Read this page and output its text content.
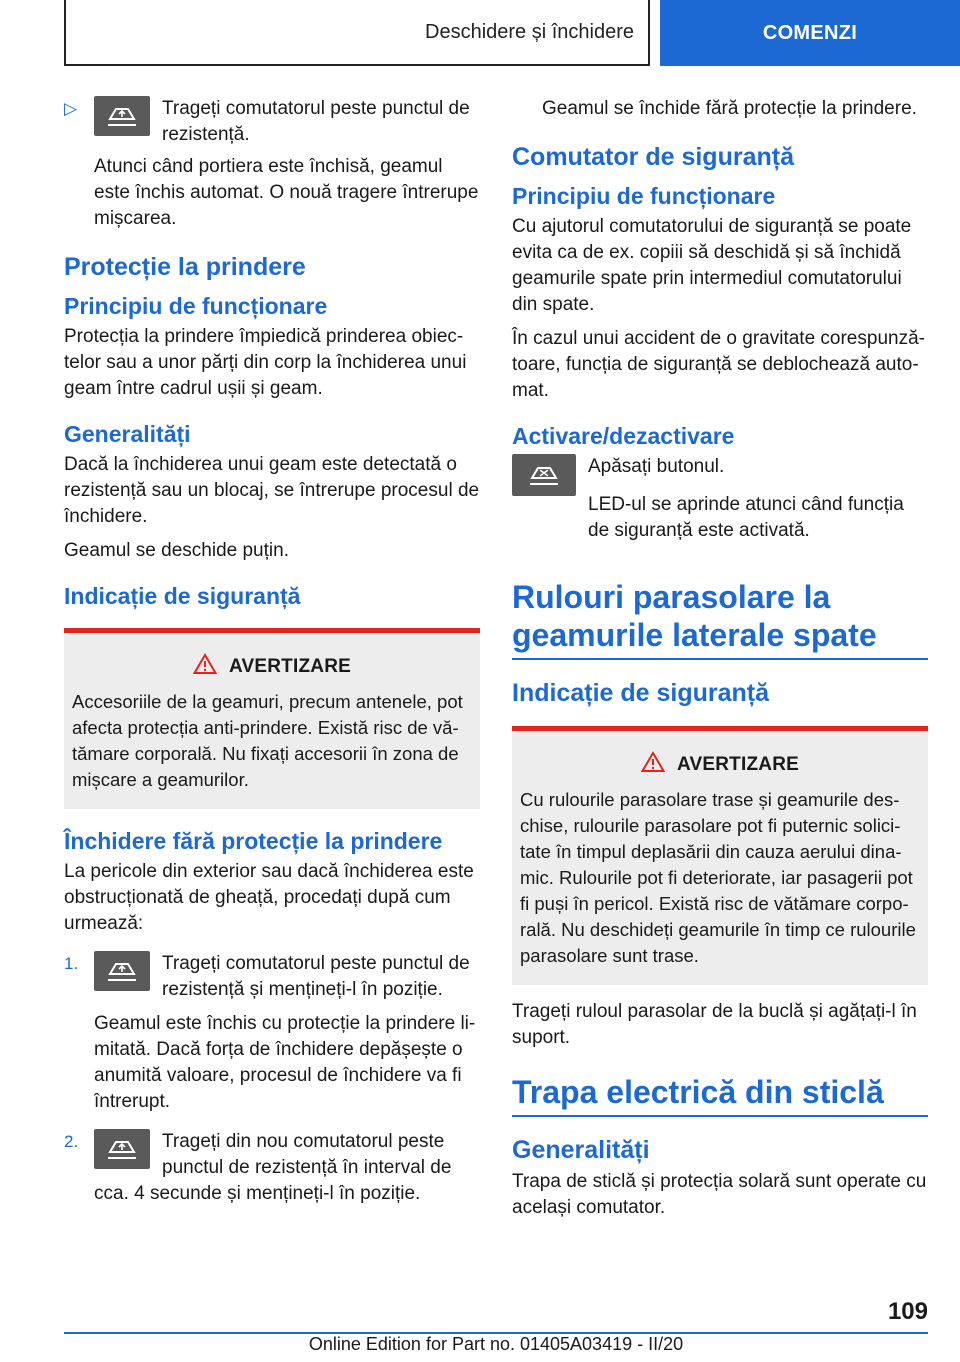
Deschidere și închidere	COMENZI
▷	Trageți comutatorul peste punctul de rezistență.

Atunci când portiera este închisă, geamul este închis automat. O nouă tragere întrerupe mișcarea.

Protecție la prindere
Principiu de funcționare

Protecția la prindere împiedică prinderea obiectelor sau a unor părți din corp la închiderea unui geam între cadrul ușii și geam.

Generalități

Dacă la închiderea unui geam este detectată o rezistență sau un blocaj, se întrerupe procesul de închidere.

Geamul se deschide puțin.

Indicație de siguranță
AVERTIZARE
Accesoriile de la geamuri, precum antenele, pot afecta protecția anti-prindere. Există risc de vătămare corporală. Nu fixați accesorii în zona de mișcare a geamurilor.
Închidere fără protecție la prindere

La pericole din exterior sau dacă închiderea este obstrucționată de gheață, procedați după cum urmează:

1.	Trageți comutatorul peste punctul de rezistență și mențineți-l în poziție.

Geamul este închis cu protecție la prindere limitată. Dacă forța de închidere depășește o anumită valoare, procesul de închidere va fi întrerupt.

2.	Trageți din nou comutatorul peste punctul de rezistență în interval de cca. 4 secunde și mențineți-l în poziție.

Geamul se închide fără protecție la prindere.

Comutator de siguranță
Principiu de funcționare

Cu ajutorul comutatorului de siguranță se poate evita ca de ex. copiii să deschidă și să închidă geamurile spate prin intermediul comutatorului din spate.

În cazul unui accident de o gravitate corespunzătoare, funcția de siguranță se deblochează automat.

Activare/dezactivare

Apăsați butonul.

LED-ul se aprinde atunci când funcția de siguranță este activată.

Rulouri parasolare la geamurile laterale spate
Indicație de siguranță
AVERTIZARE
Cu rulourile parasolare trase și geamurile deschise, rulourile parasolare pot fi puternic solicitate în timpul deplasării din cauza aerului dinamic. Rulourile pot fi deteriorate, iar pasagerii pot fi puși în pericol. Există risc de vătămare corporală. Nu deschideți geamurile în timp ce rulourile parasolare sunt trase.

Trageți ruloul parasolar de la buclă și agățați-l în suport.

Trapa electrică din sticlă
Generalități

Trapa de sticlă și protecția solară sunt operate cu același comutator.

109
Online Edition for Part no. 01405A03419 - II/20
